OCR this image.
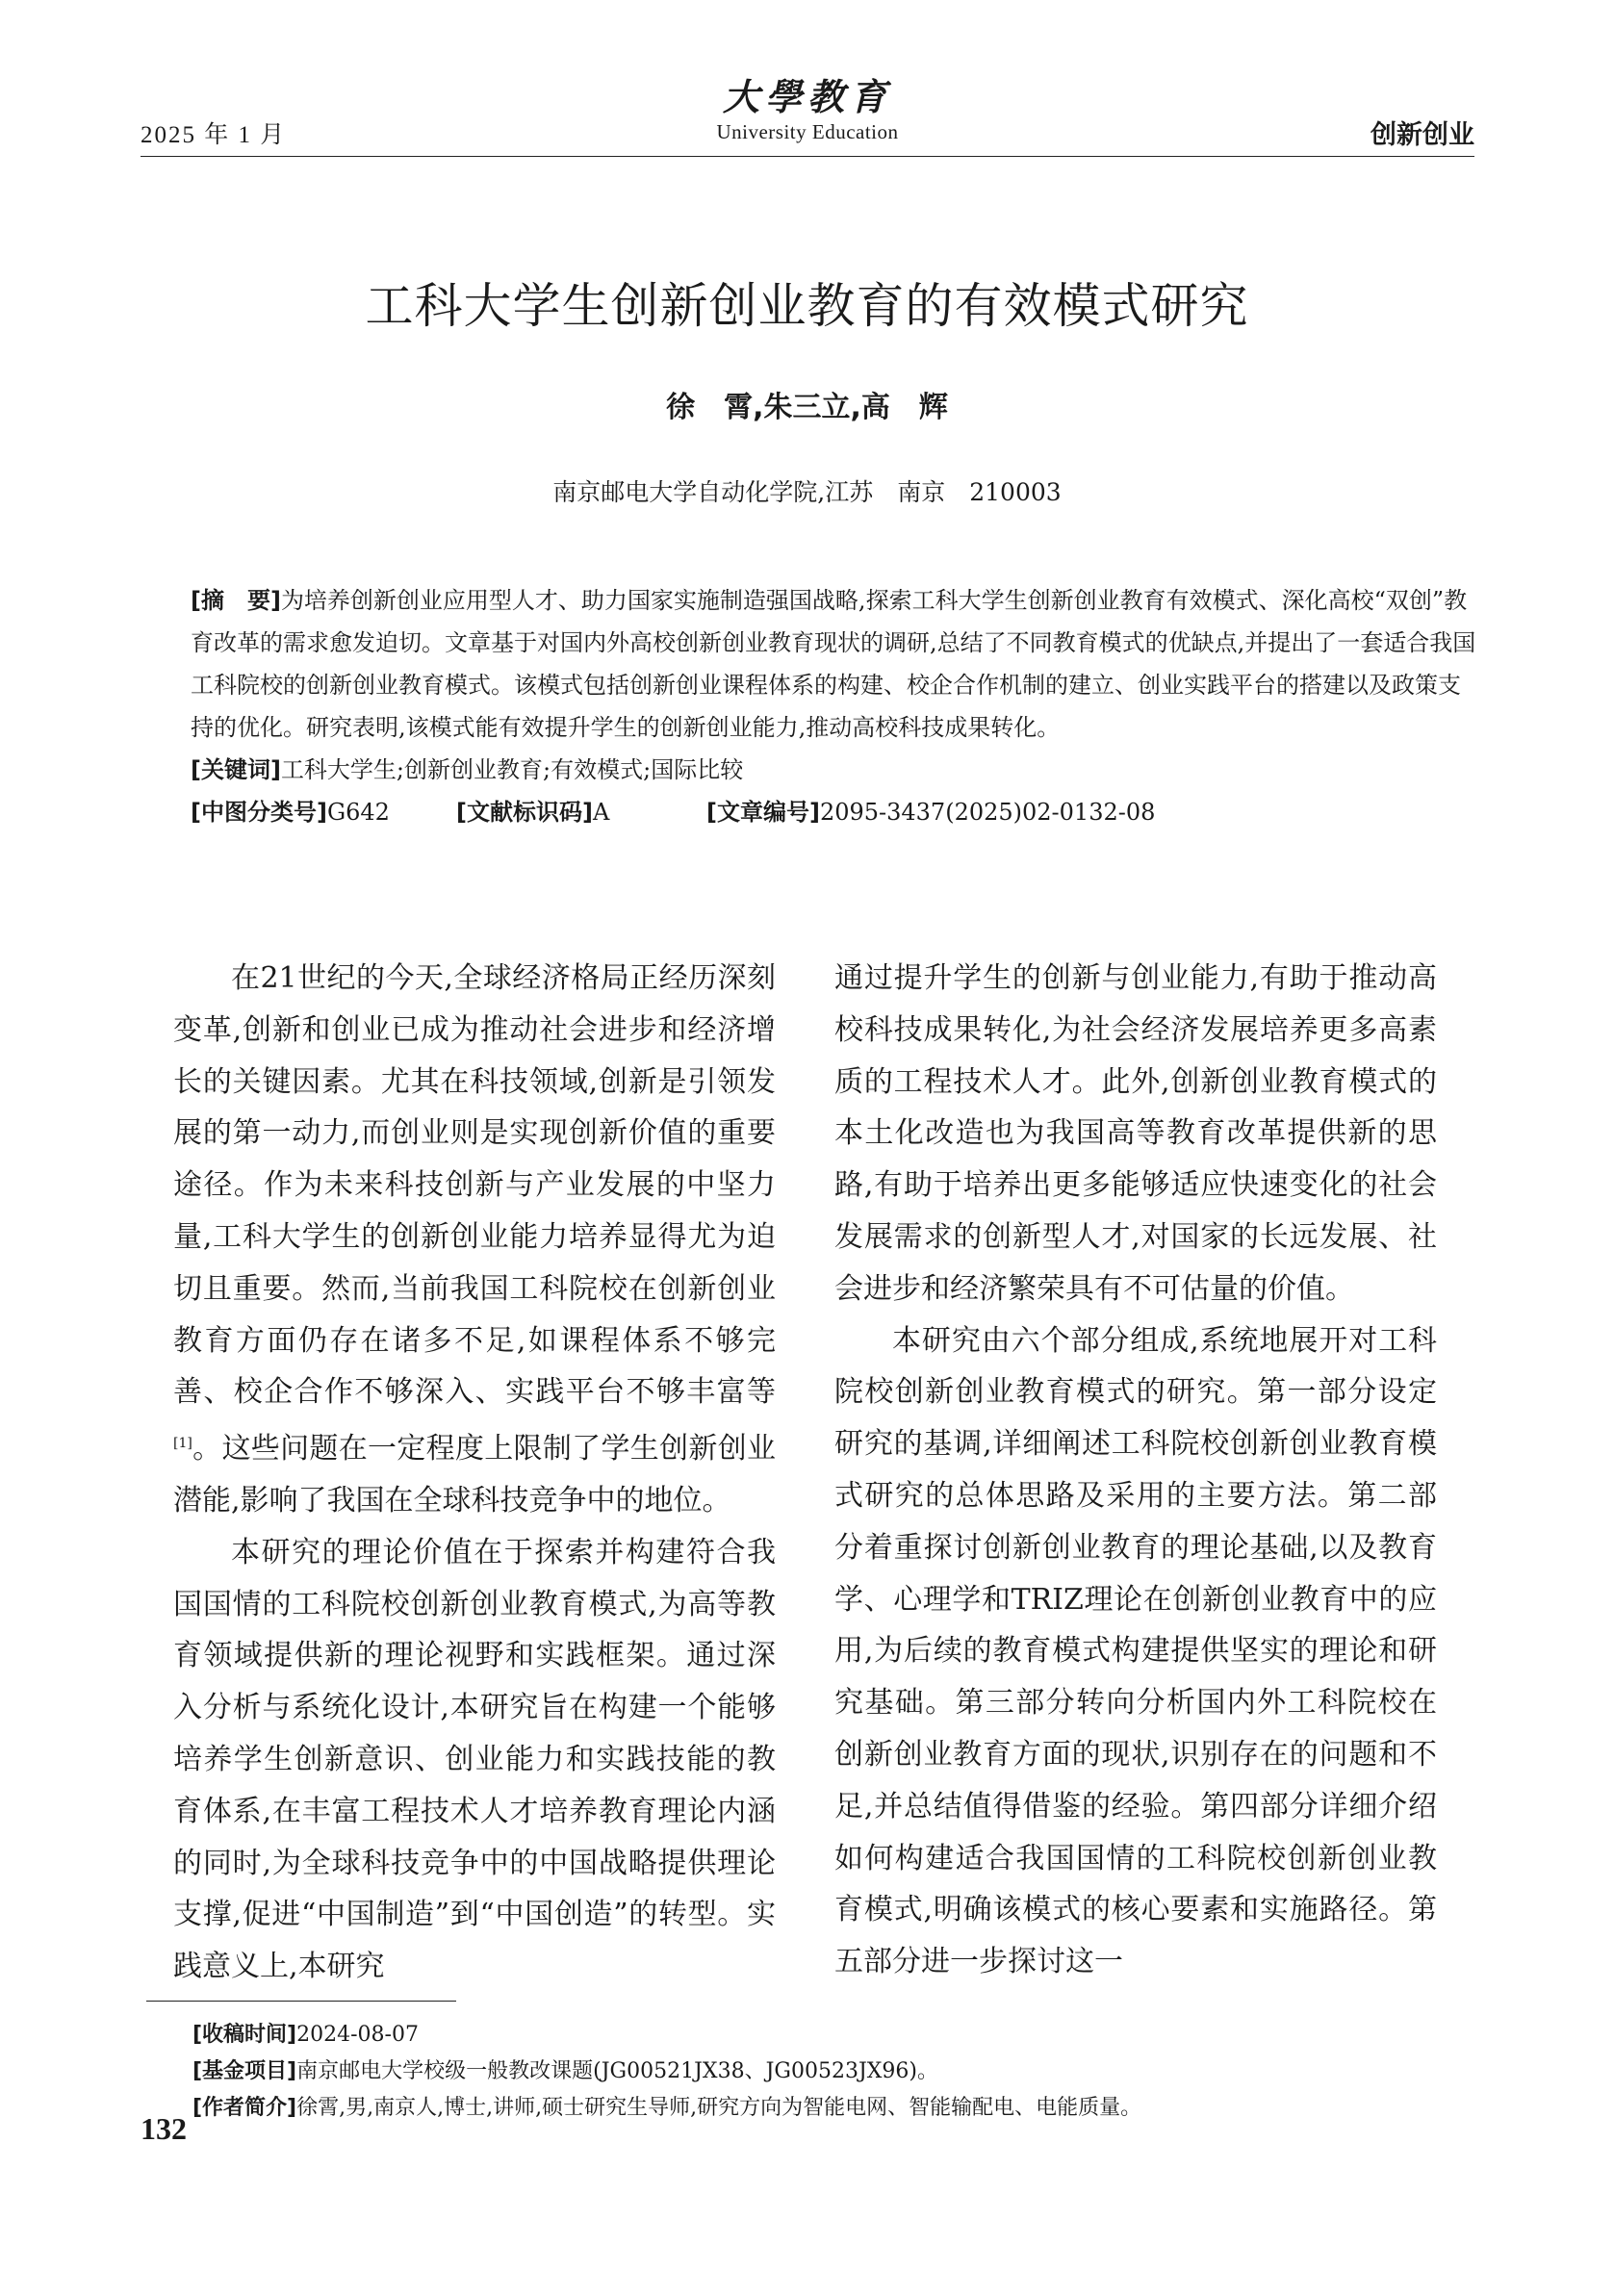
2025 年 1 月
大學教育
University Education	创新创业
工科大学生创新创业教育的有效模式研究
徐　霄,朱三立,高　辉
南京邮电大学自动化学院,江苏　南京　210003
[摘　要]为培养创新创业应用型人才、助力国家实施制造强国战略,探索工科大学生创新创业教育有效模式、深化高校“双创”教育改革的需求愈发迫切。文章基于对国内外高校创新创业教育现状的调研,总结了不同教育模式的优缺点,并提出了一套适合我国工科院校的创新创业教育模式。该模式包括创新创业课程体系的构建、校企合作机制的建立、创业实践平台的搭建以及政策支持的优化。研究表明,该模式能有效提升学生的创新创业能力,推动高校科技成果转化。
[关键词]工科大学生;创新创业教育;有效模式;国际比较
[中图分类号]G642	[文献标识码]A	[文章编号]2095-3437(2025)02-0132-08

在21世纪的今天,全球经济格局正经历深刻变革,创新和创业已成为推动社会进步和经济增长的关键因素。尤其在科技领域,创新是引领发展的第一动力,而创业则是实现创新价值的重要途径。作为未来科技创新与产业发展的中坚力量,工科大学生的创新创业能力培养显得尤为迫切且重要。然而,当前我国工科院校在创新创业教育方面仍存在诸多不足,如课程体系不够完善、校企合作不够深入、实践平台不够丰富等[1]。这些问题在一定程度上限制了学生创新创业潜能,影响了我国在全球科技竞争中的地位。

本研究的理论价值在于探索并构建符合我国国情的工科院校创新创业教育模式,为高等教育领域提供新的理论视野和实践框架。通过深入分析与系统化设计,本研究旨在构建一个能够培养学生创新意识、创业能力和实践技能的教育体系,在丰富工程技术人才培养教育理论内涵的同时,为全球科技竞争中的中国战略提供理论支撑,促进“中国制造”到“中国创造”的转型。实践意义上,本研究

通过提升学生的创新与创业能力,有助于推动高校科技成果转化,为社会经济发展培养更多高素质的工程技术人才。此外,创新创业教育模式的本土化改造也为我国高等教育改革提供新的思路,有助于培养出更多能够适应快速变化的社会发展需求的创新型人才,对国家的长远发展、社会进步和经济繁荣具有不可估量的价值。

本研究由六个部分组成,系统地展开对工科院校创新创业教育模式的研究。第一部分设定研究的基调,详细阐述工科院校创新创业教育模式研究的总体思路及采用的主要方法。第二部分着重探讨创新创业教育的理论基础,以及教育学、心理学和TRIZ理论在创新创业教育中的应用,为后续的教育模式构建提供坚实的理论和研究基础。第三部分转向分析国内外工科院校在创新创业教育方面的现状,识别存在的问题和不足,并总结值得借鉴的经验。第四部分详细介绍如何构建适合我国国情的工科院校创新创业教育模式,明确该模式的核心要素和实施路径。第五部分进一步探讨这一

[收稿时间]2024-08-07
[基金项目]南京邮电大学校级一般教改课题(JG00521JX38、JG00523JX96)。
[作者简介]徐霄,男,南京人,博士,讲师,硕士研究生导师,研究方向为智能电网、智能输配电、电能质量。
132
